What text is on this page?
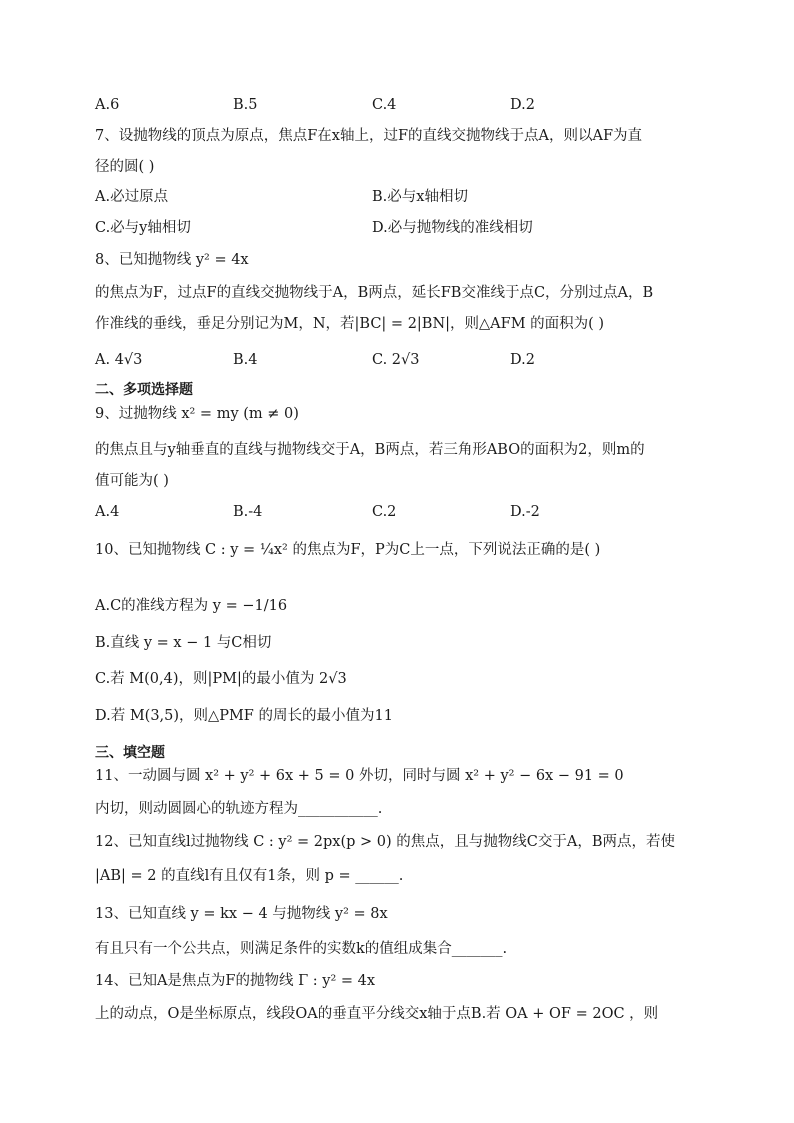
A.6	B.5	C.4	D.2
7、设抛物线的顶点为原点，焦点F在x轴上，过F的直线交抛物线于点A，则以AF为直
径的圆( )
A.必过原点	B.必与x轴相切
C.必与y轴相切	D.必与抛物线的准线相切
8、已知抛物线 y² = 4x
的焦点为F，过点F的直线交抛物线于A，B两点，延长FB交准线于点C，分别过点A，B
作准线的垂线，垂足分别记为M，N，若|BC| = 2|BN|，则△AFM 的面积为( )
A. 4√3	B.4	C. 2√3	D.2
二、多项选择题
9、过抛物线 x² = my (m ≠ 0)
的焦点且与y轴垂直的直线与抛物线交于A，B两点，若三角形ABO的面积为2，则m的
值可能为( )
A.4	B.-4	C.2	D.-2
10、已知抛物线 C : y = ¼x² 的焦点为F，P为C上一点，下列说法正确的是( )
A.C的准线方程为 y = −1/16
B.直线 y = x − 1 与C相切
C.若 M(0,4)，则|PM|的最小值为 2√3
D.若 M(3,5)，则△PMF 的周长的最小值为11
三、填空题
11、一动圆与圆 x² + y² + 6x + 5 = 0 外切，同时与圆 x² + y² − 6x − 91 = 0
内切，则动圆圆心的轨迹方程为___________.
12、已知直线l过抛物线 C : y² = 2px(p > 0) 的焦点，且与抛物线C交于A，B两点，若使
|AB| = 2 的直线l有且仅有1条，则 p = ______.
13、已知直线 y = kx − 4 与抛物线 y² = 8x
有且只有一个公共点，则满足条件的实数k的值组成集合_______.
14、已知A是焦点为F的抛物线 Γ : y² = 4x
上的动点，O是坐标原点，线段OA的垂直平分线交x轴于点B.若 OA + OF = 2OC ，则
